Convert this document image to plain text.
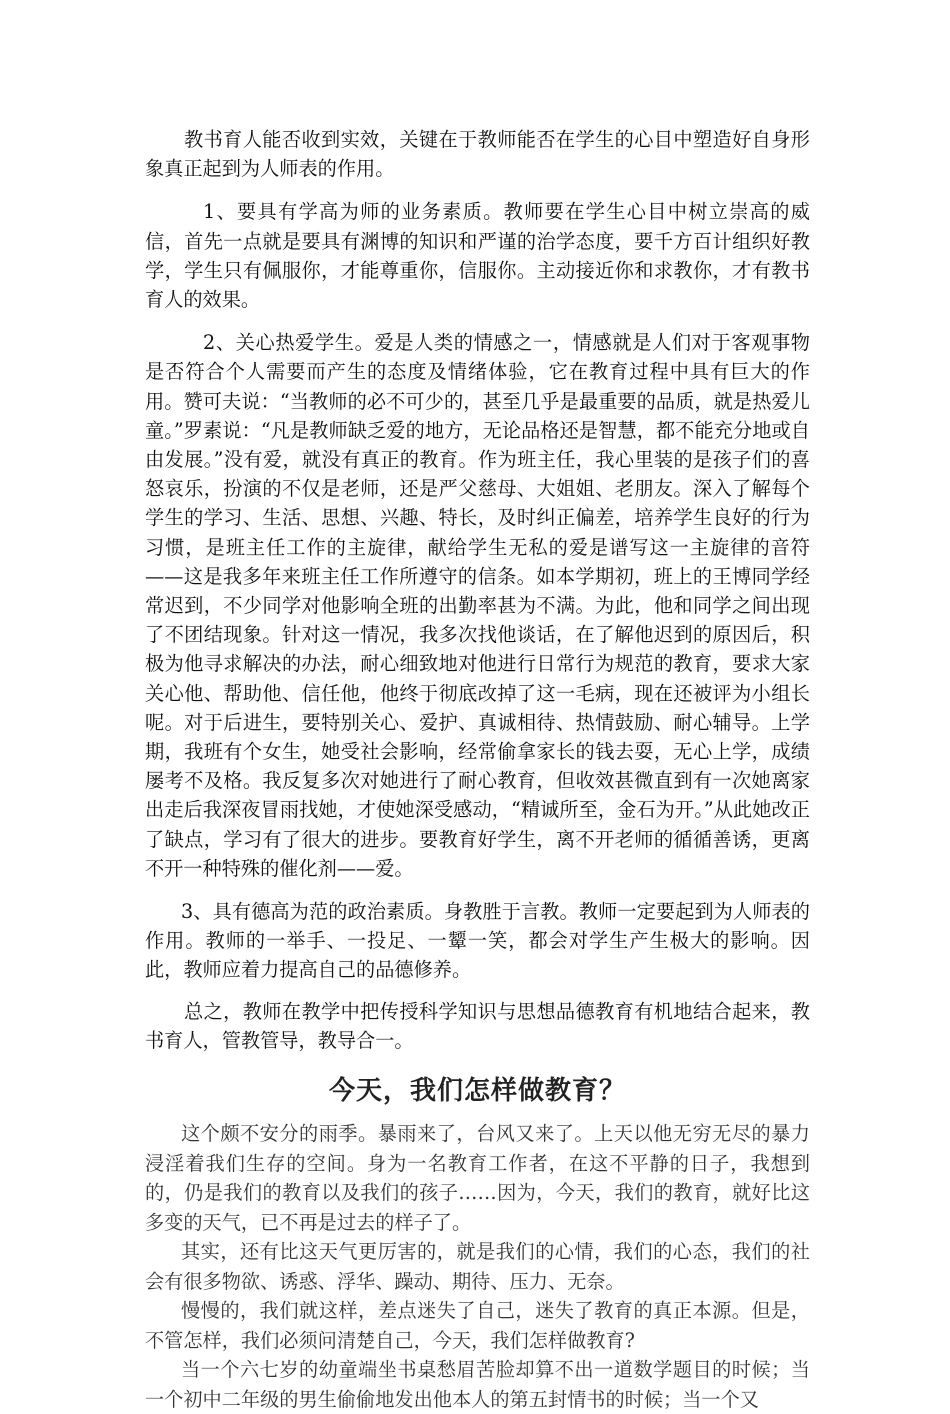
教书育人能否收到实效，关键在于教师能否在学生的心目中塑造好自身形象真正起到为人师表的作用。

1、要具有学高为师的业务素质。教师要在学生心目中树立崇高的威信，首先一点就是要具有渊博的知识和严谨的治学态度，要千方百计组织好教学，学生只有佩服你，才能尊重你，信服你。主动接近你和求教你，才有教书育人的效果。

2、关心热爱学生。爱是人类的情感之一，情感就是人们对于客观事物是否符合个人需要而产生的态度及情绪体验，它在教育过程中具有巨大的作用。赞可夫说：“当教师的必不可少的，甚至几乎是最重要的品质，就是热爱儿童。”罗素说：“凡是教师缺乏爱的地方，无论品格还是智慧，都不能充分地或自由发展。”没有爱，就没有真正的教育。作为班主任，我心里装的是孩子们的喜怒哀乐，扮演的不仅是老师，还是严父慈母、大姐姐、老朋友。深入了解每个学生的学习、生活、思想、兴趣、特长，及时纠正偏差，培养学生良好的行为习惯，是班主任工作的主旋律，献给学生无私的爱是谱写这一主旋律的音符——这是我多年来班主任工作所遵守的信条。如本学期初，班上的王博同学经常迟到，不少同学对他影响全班的出勤率甚为不满。为此，他和同学之间出现了不团结现象。针对这一情况，我多次找他谈话，在了解他迟到的原因后，积极为他寻求解决的办法，耐心细致地对他进行日常行为规范的教育，要求大家关心他、帮助他、信任他，他终于彻底改掉了这一毛病，现在还被评为小组长呢。对于后进生，要特别关心、爱护、真诚相待、热情鼓励、耐心辅导。上学期，我班有个女生，她受社会影响，经常偷拿家长的钱去耍，无心上学，成绩屡考不及格。我反复多次对她进行了耐心教育，但收效甚微直到有一次她离家出走后我深夜冒雨找她，才使她深受感动，“精诚所至，金石为开。”从此她改正了缺点，学习有了很大的进步。要教育好学生，离不开老师的循循善诱，更离不开一种特殊的催化剂——爱。

3、具有德高为范的政治素质。身教胜于言教。教师一定要起到为人师表的作用。教师的一举手、一投足、一颦一笑，都会对学生产生极大的影响。因此，教师应着力提高自己的品德修养。

总之，教师在教学中把传授科学知识与思想品德教育有机地结合起来，教书育人，管教管导，教导合一。

今天，我们怎样做教育？

这个颇不安分的雨季。暴雨来了，台风又来了。上天以他无穷无尽的暴力浸淫着我们生存的空间。身为一名教育工作者，在这不平静的日子，我想到的，仍是我们的教育以及我们的孩子……因为，今天，我们的教育，就好比这多变的天气，已不再是过去的样子了。

其实，还有比这天气更厉害的，就是我们的心情，我们的心态，我们的社会有很多物欲、诱惑、浮华、躁动、期待、压力、无奈。

慢慢的，我们就这样，差点迷失了自己，迷失了教育的真正本源。但是，不管怎样，我们必须问清楚自己，今天，我们怎样做教育?

当一个六七岁的幼童端坐书桌愁眉苦脸却算不出一道数学题目的时候；当一个初中二年级的男生偷偷地发出他本人的第五封情书的时候；当一个又
